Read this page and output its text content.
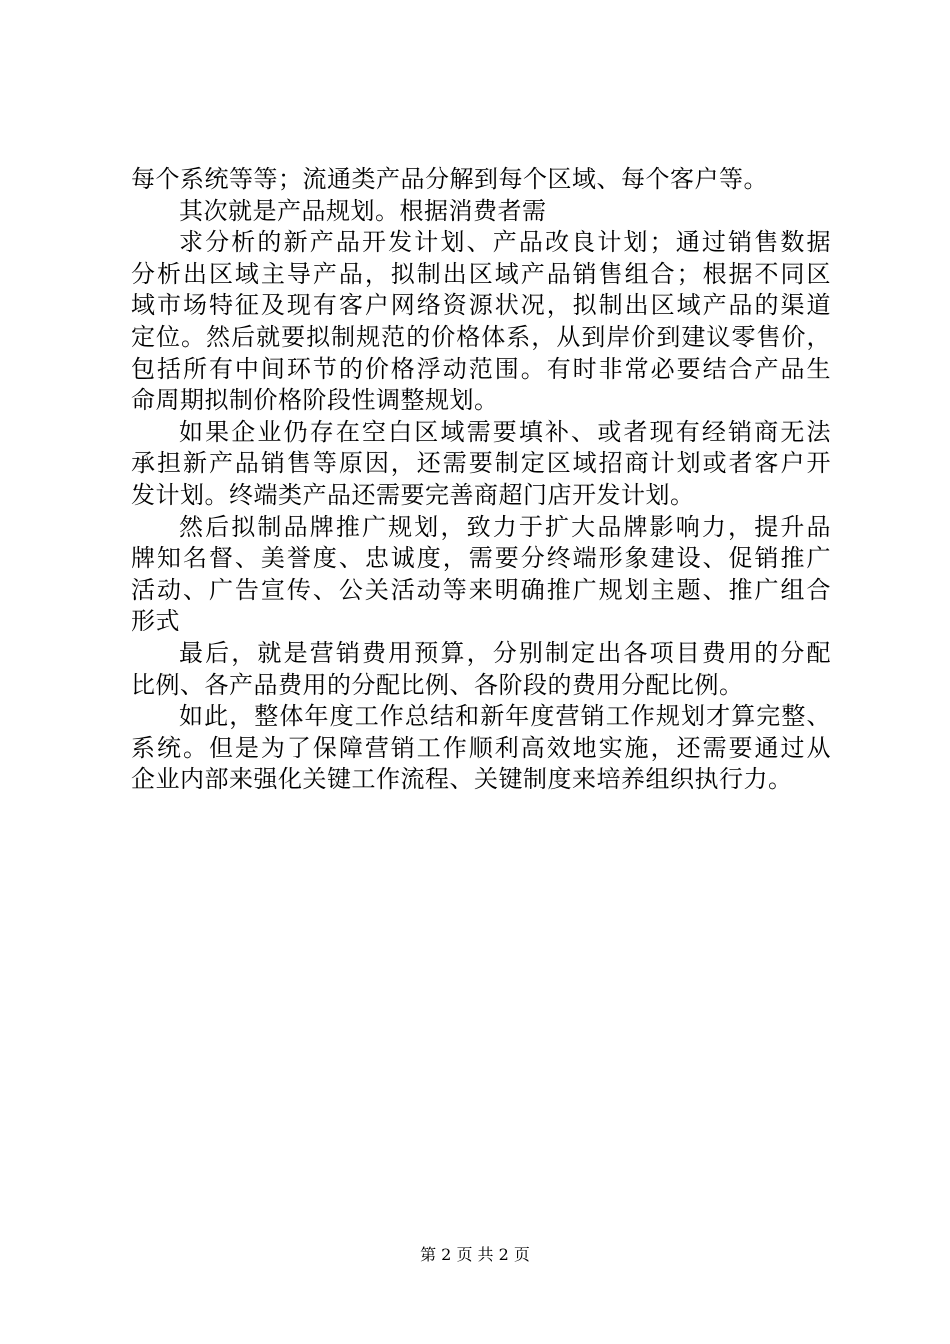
每个系统等等；流通类产品分解到每个区域、每个客户等。
其次就是产品规划。根据消费者需
求分析的新产品开发计划、产品改良计划；通过销售数据
分析出区域主导产品，拟制出区域产品销售组合；根据不同区
域市场特征及现有客户网络资源状况，拟制出区域产品的渠道
定位。然后就要拟制规范的价格体系，从到岸价到建议零售价，
包括所有中间环节的价格浮动范围。有时非常必要结合产品生
命周期拟制价格阶段性调整规划。
如果企业仍存在空白区域需要填补、或者现有经销商无法
承担新产品销售等原因，还需要制定区域招商计划或者客户开
发计划。终端类产品还需要完善商超门店开发计划。
然后拟制品牌推广规划，致力于扩大品牌影响力，提升品
牌知名督、美誉度、忠诚度，需要分终端形象建设、促销推广
活动、广告宣传、公关活动等来明确推广规划主题、推广组合
形式
最后，就是营销费用预算，分别制定出各项目费用的分配
比例、各产品费用的分配比例、各阶段的费用分配比例。
如此，整体年度工作总结和新年度营销工作规划才算完整、
系统。但是为了保障营销工作顺利高效地实施，还需要通过从
企业内部来强化关键工作流程、关键制度来培养组织执行力。
第 2 页 共 2 页
